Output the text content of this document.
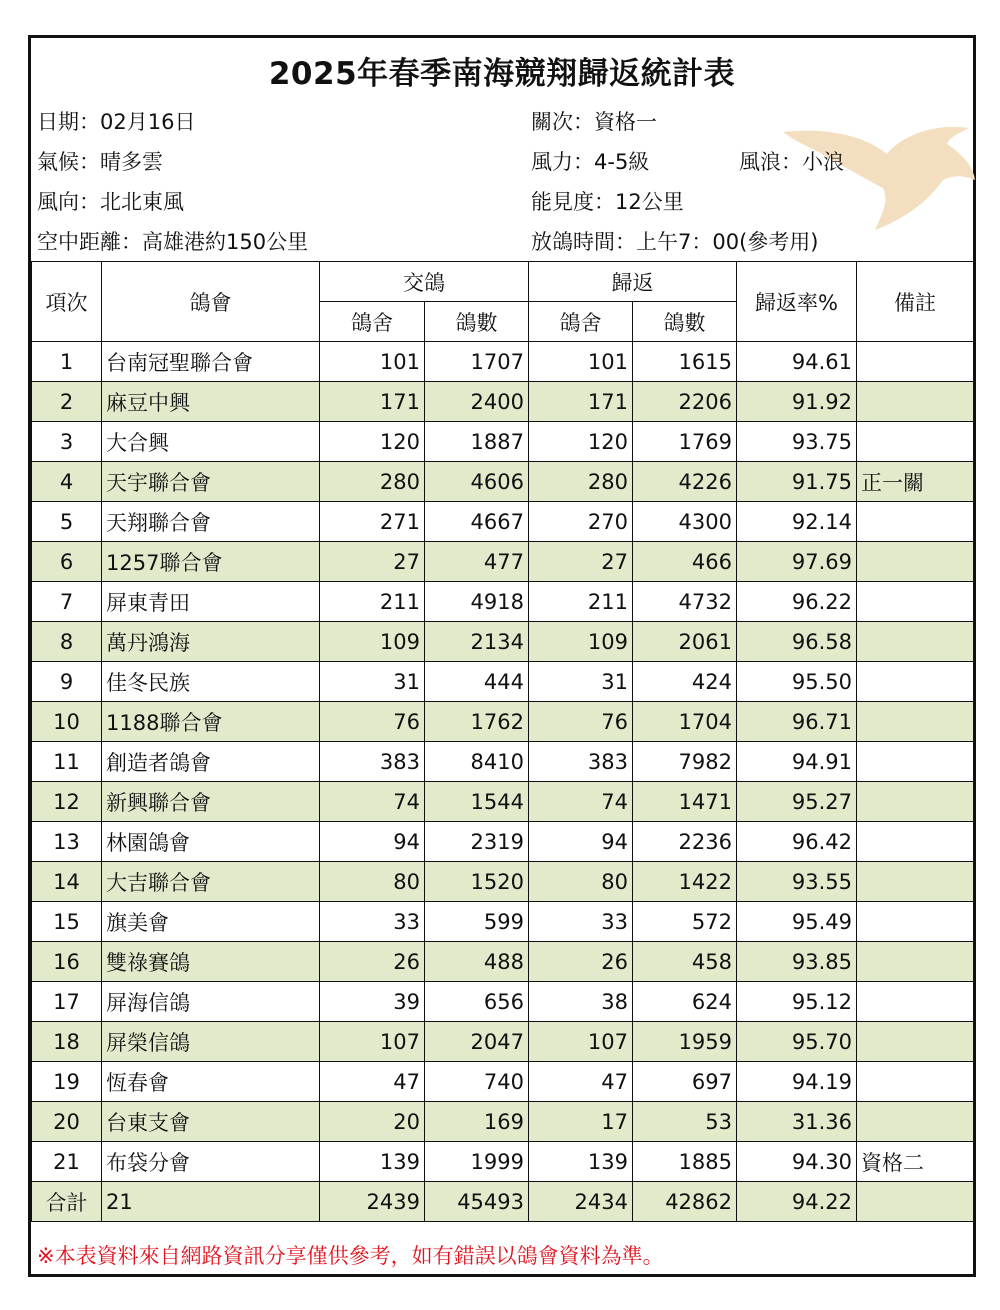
2025年春季南海競翔歸返統計表
日期：02月16日
氣候：晴多雲
風向：北北東風
空中距離：高雄港約150公里
關次：資格一
風力：4-5級	風浪：小浪
能見度：12公里
放鴿時間：上午7：00(參考用)
項次	鴿會	交鴿		歸返		歸返率%	備註
		鴿舍	鴿數	鴿舍	鴿數		
1	台南冠聖聯合會	101	1707	101	1615	94.61	
2	麻豆中興	171	2400	171	2206	91.92	
3	大合興	120	1887	120	1769	93.75	
4	天宇聯合會	280	4606	280	4226	91.75	正一關
5	天翔聯合會	271	4667	270	4300	92.14	
6	1257聯合會	27	477	27	466	97.69	
7	屏東青田	211	4918	211	4732	96.22	
8	萬丹鴻海	109	2134	109	2061	96.58	
9	佳冬民族	31	444	31	424	95.50	
10	1188聯合會	76	1762	76	1704	96.71	
11	創造者鴿會	383	8410	383	7982	94.91	
12	新興聯合會	74	1544	74	1471	95.27	
13	林園鴿會	94	2319	94	2236	96.42	
14	大吉聯合會	80	1520	80	1422	93.55	
15	旗美會	33	599	33	572	95.49	
16	雙祿賽鴿	26	488	26	458	93.85	
17	屏海信鴿	39	656	38	624	95.12	
18	屏榮信鴿	107	2047	107	1959	95.70	
19	恆春會	47	740	47	697	94.19	
20	台東支會	20	169	17	53	31.36	
21	布袋分會	139	1999	139	1885	94.30	資格二
合計	21	2439	45493	2434	42862	94.22	
※本表資料來自網路資訊分享僅供參考，如有錯誤以鴿會資料為準。
